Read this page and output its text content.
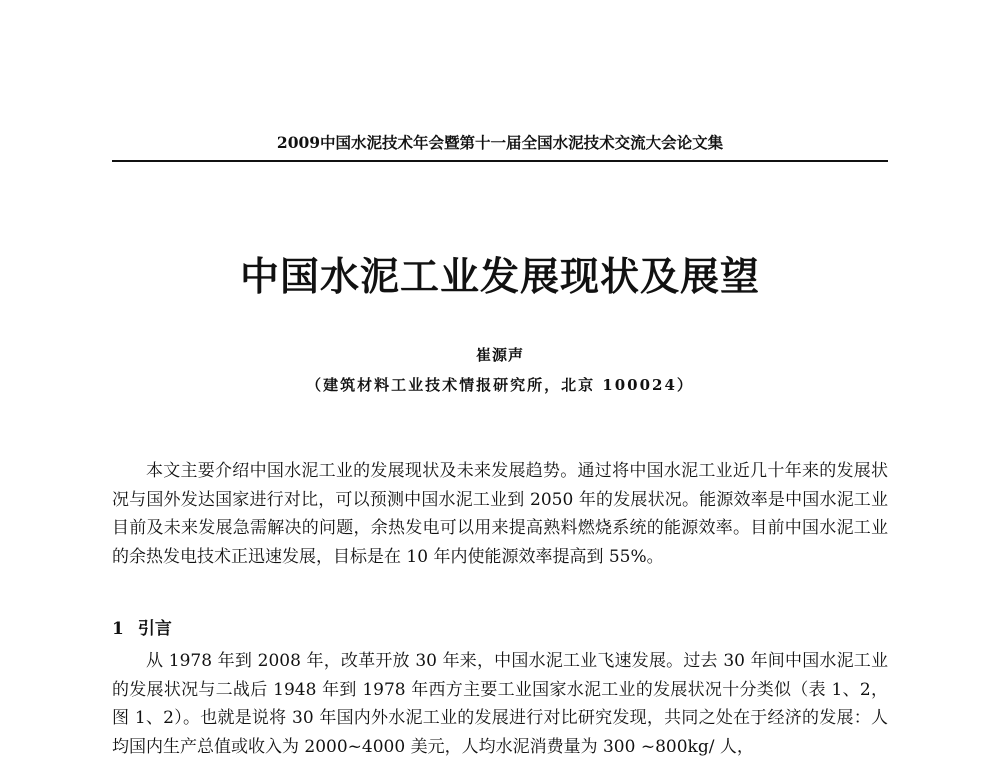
2009中国水泥技术年会暨第十一届全国水泥技术交流大会论文集
中国水泥工业发展现状及展望
崔源声
（建筑材料工业技术情报研究所，北京 100024）

本文主要介绍中国水泥工业的发展现状及未来发展趋势。通过将中国水泥工业近几十年来的发展状况与国外发达国家进行对比，可以预测中国水泥工业到 2050 年的发展状况。能源效率是中国水泥工业目前及未来发展急需解决的问题，余热发电可以用来提高熟料燃烧系统的能源效率。目前中国水泥工业的余热发电技术正迅速发展，目标是在 10 年内使能源效率提高到 55%。

1 引言

从 1978 年到 2008 年，改革开放 30 年来，中国水泥工业飞速发展。过去 30 年间中国水泥工业的发展状况与二战后 1948 年到 1978 年西方主要工业国家水泥工业的发展状况十分类似（表 1、2，图 1、2）。也就是说将 30 年国内外水泥工业的发展进行对比研究发现，共同之处在于经济的发展：人均国内生产总值或收入为 2000~4000 美元，人均水泥消费量为 300 ~800kg/ 人，
